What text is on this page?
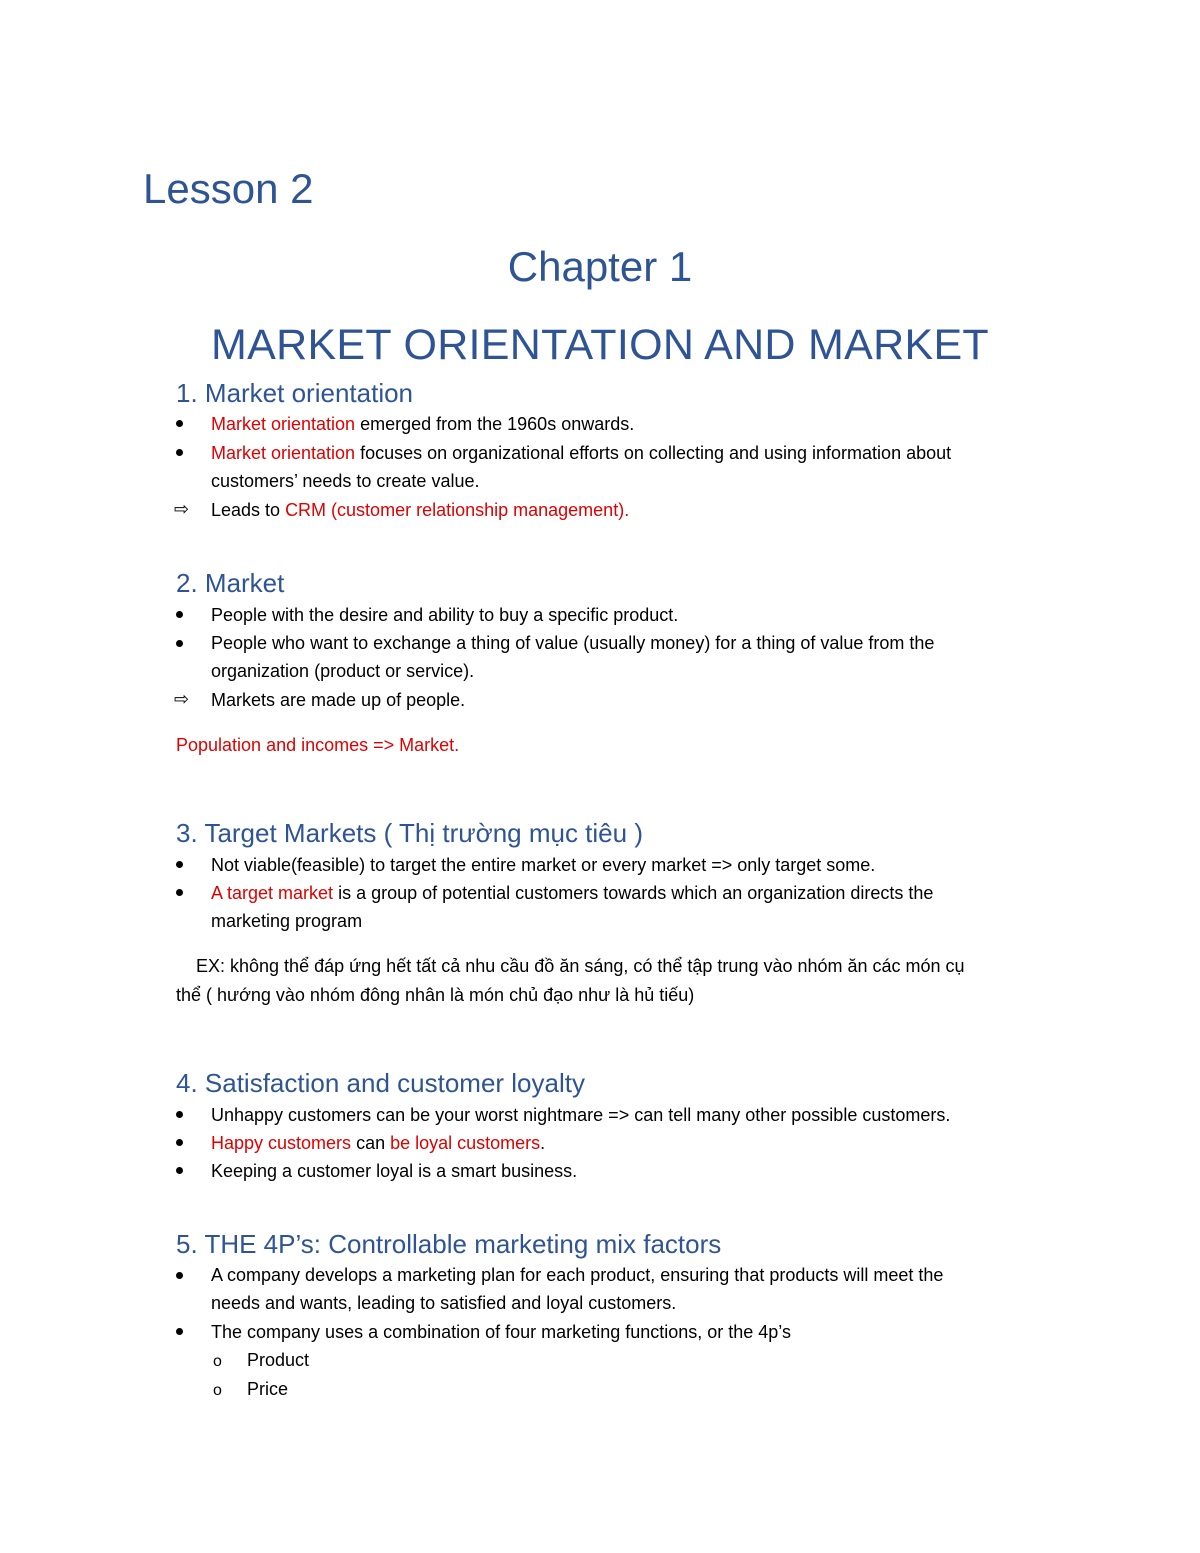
Lesson 2
Chapter 1
MARKET ORIENTATION AND MARKET
1. Market orientation
Market orientation emerged from the 1960s onwards.
Market orientation focuses on organizational efforts on collecting and using information about
customers’ needs to create value.
⇨ Leads to CRM (customer relationship management).
2. Market
People with the desire and ability to buy a specific product.
People who want to exchange a thing of value (usually money) for a thing of value from the
organization (product or service).
⇨ Markets are made up of people.
Population and incomes => Market.
3. Target Markets ( Thị trường mục tiêu )
Not viable(feasible) to target the entire market or every market => only target some.
A target market is a group of potential customers towards which an organization directs the
marketing program
EX: không thể đáp ứng hết tất cả nhu cầu đồ ăn sáng, có thể tập trung vào nhóm ăn các món cụ
thể ( hướng vào nhóm đông nhân là món chủ đạo như là hủ tiếu)
4. Satisfaction and customer loyalty
Unhappy customers can be your worst nightmare => can tell many other possible customers.
Happy customers can be loyal customers.
Keeping a customer loyal is a smart business.
5. THE 4P’s: Controllable marketing mix factors
A company develops a marketing plan for each product, ensuring that products will meet the
needs and wants, leading to satisfied and loyal customers.
The company uses a combination of four marketing functions, or the 4p’s
o Product
o Price
